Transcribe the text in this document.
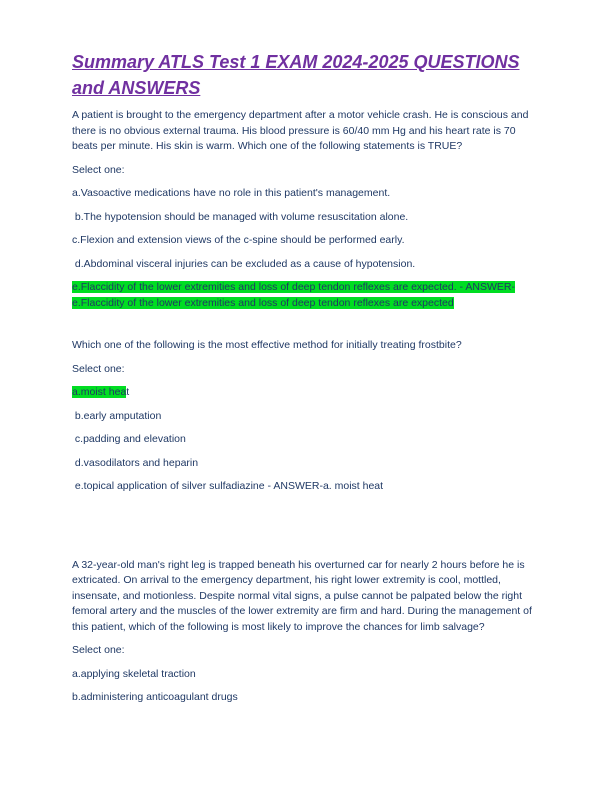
Summary ATLS Test 1 EXAM 2024-2025 QUESTIONS and ANSWERS

A patient is brought to the emergency department after a motor vehicle crash. He is conscious and there is no obvious external trauma. His blood pressure is 60/40 mm Hg and his heart rate is 70 beats per minute. His skin is warm. Which one of the following statements is TRUE?

Select one:

a.Vasoactive medications have no role in this patient's management.

b.The hypotension should be managed with volume resuscitation alone.

c.Flexion and extension views of the c-spine should be performed early.

d.Abdominal visceral injuries can be excluded as a cause of hypotension.

e.Flaccidity of the lower extremities and loss of deep tendon reflexes are expected. - ANSWER-

e.Flaccidity of the lower extremities and loss of deep tendon reflexes are expected

Which one of the following is the most effective method for initially treating frostbite?

Select one:

a.moist heat

b.early amputation

c.padding and elevation

d.vasodilators and heparin

e.topical application of silver sulfadiazine - ANSWER-a. moist heat

A 32-year-old man's right leg is trapped beneath his overturned car for nearly 2 hours before he is extricated. On arrival to the emergency department, his right lower extremity is cool, mottled, insensate, and motionless. Despite normal vital signs, a pulse cannot be palpated below the right femoral artery and the muscles of the lower extremity are firm and hard. During the management of this patient, which of the following is most likely to improve the chances for limb salvage?

Select one:

a.applying skeletal traction

b.administering anticoagulant drugs
